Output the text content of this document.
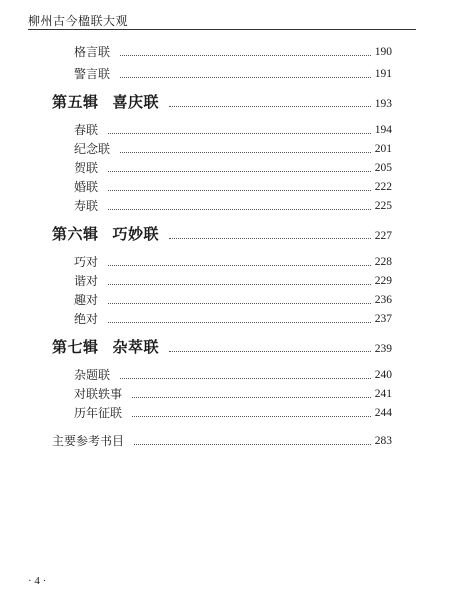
柳州古今楹联大观
格言联	190
警言联	191
第五辑 喜庆联	193
春联	194
纪念联	201
贺联	205
婚联	222
寿联	225
第六辑 巧妙联	227
巧对	228
谐对	229
趣对	236
绝对	237
第七辑 杂萃联	239
杂题联	240
对联轶事	241
历年征联	244
主要参考书目	283
· 4 ·
